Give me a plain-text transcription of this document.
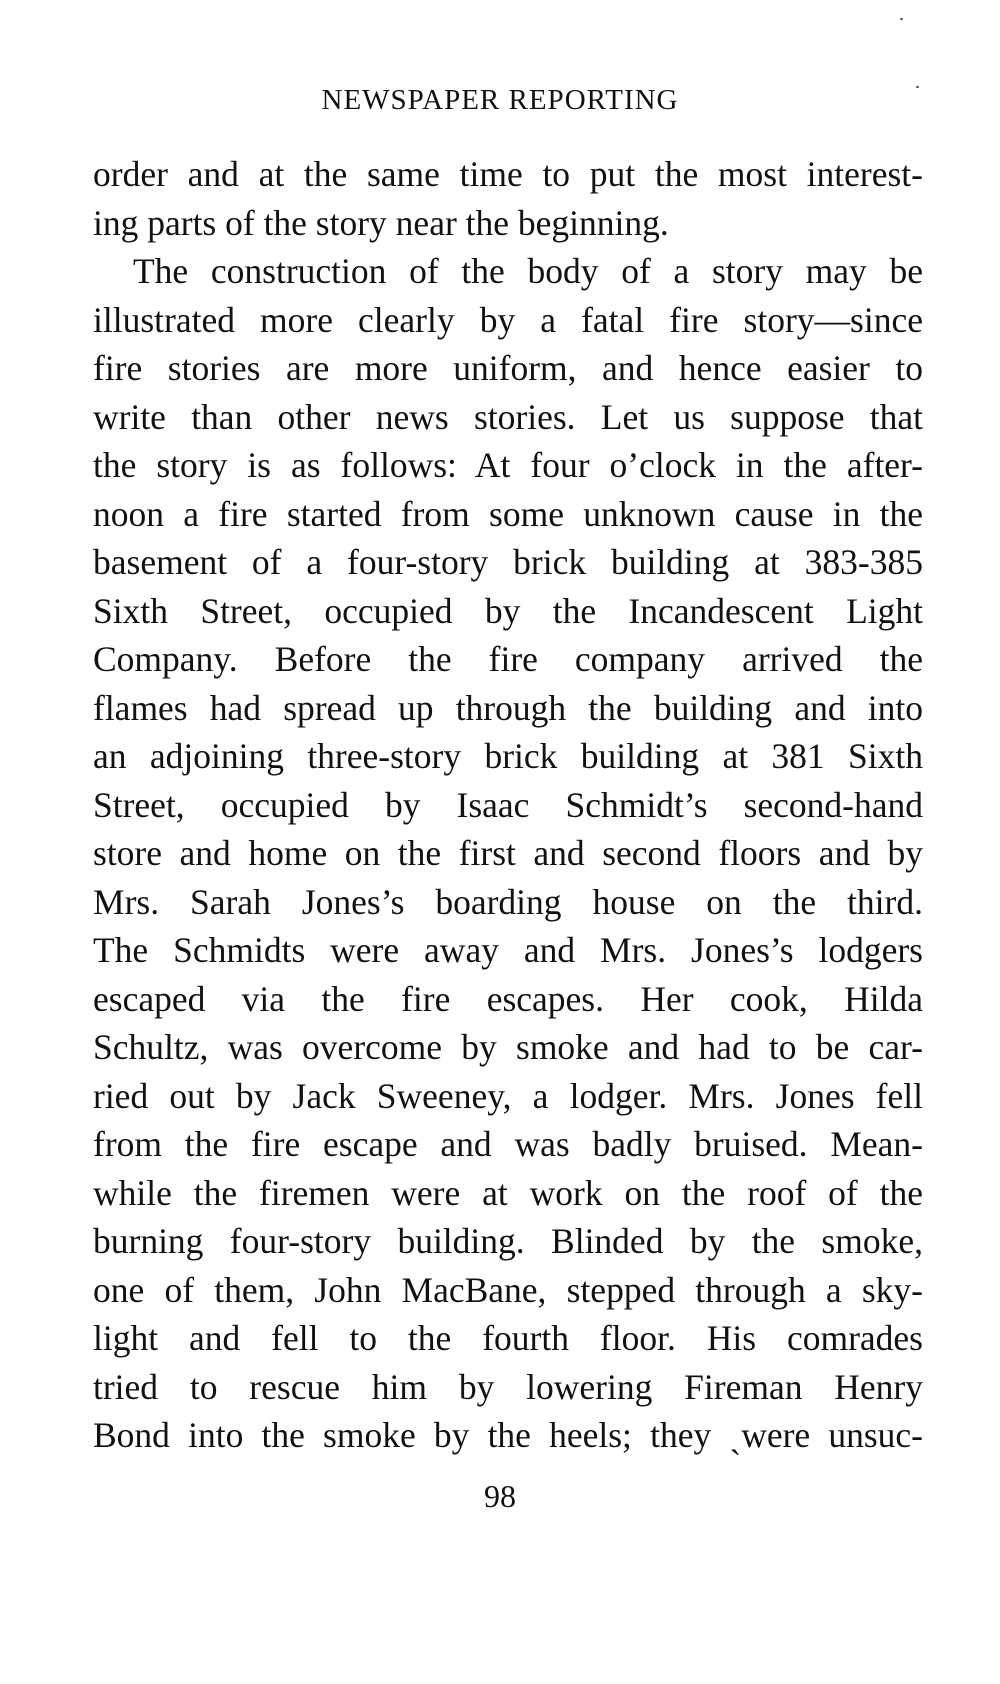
NEWSPAPER REPORTING
order and at the same time to put the most interest-
ing parts of the story near the beginning.
The construction of the body of a story may be
illustrated more clearly by a fatal fire story—since
fire stories are more uniform, and hence easier to
write than other news stories. Let us suppose that
the story is as follows: At four o’clock in the after-
noon a fire started from some unknown cause in the
basement of a four-story brick building at 383-385
Sixth Street, occupied by the Incandescent Light
Company. Before the fire company arrived the
flames had spread up through the building and into
an adjoining three-story brick building at 381 Sixth
Street, occupied by Isaac Schmidt’s second-hand
store and home on the first and second floors and by
Mrs. Sarah Jones’s boarding house on the third.
The Schmidts were away and Mrs. Jones’s lodgers
escaped via the fire escapes. Her cook, Hilda
Schultz, was overcome by smoke and had to be car-
ried out by Jack Sweeney, a lodger. Mrs. Jones fell
from the fire escape and was badly bruised. Mean-
while the firemen were at work on the roof of the
burning four-story building. Blinded by the smoke,
one of them, John MacBane, stepped through a sky-
light and fell to the fourth floor. His comrades
tried to rescue him by lowering Fireman Henry
Bond into the smoke by the heels; they ˎwere unsuc-
98
